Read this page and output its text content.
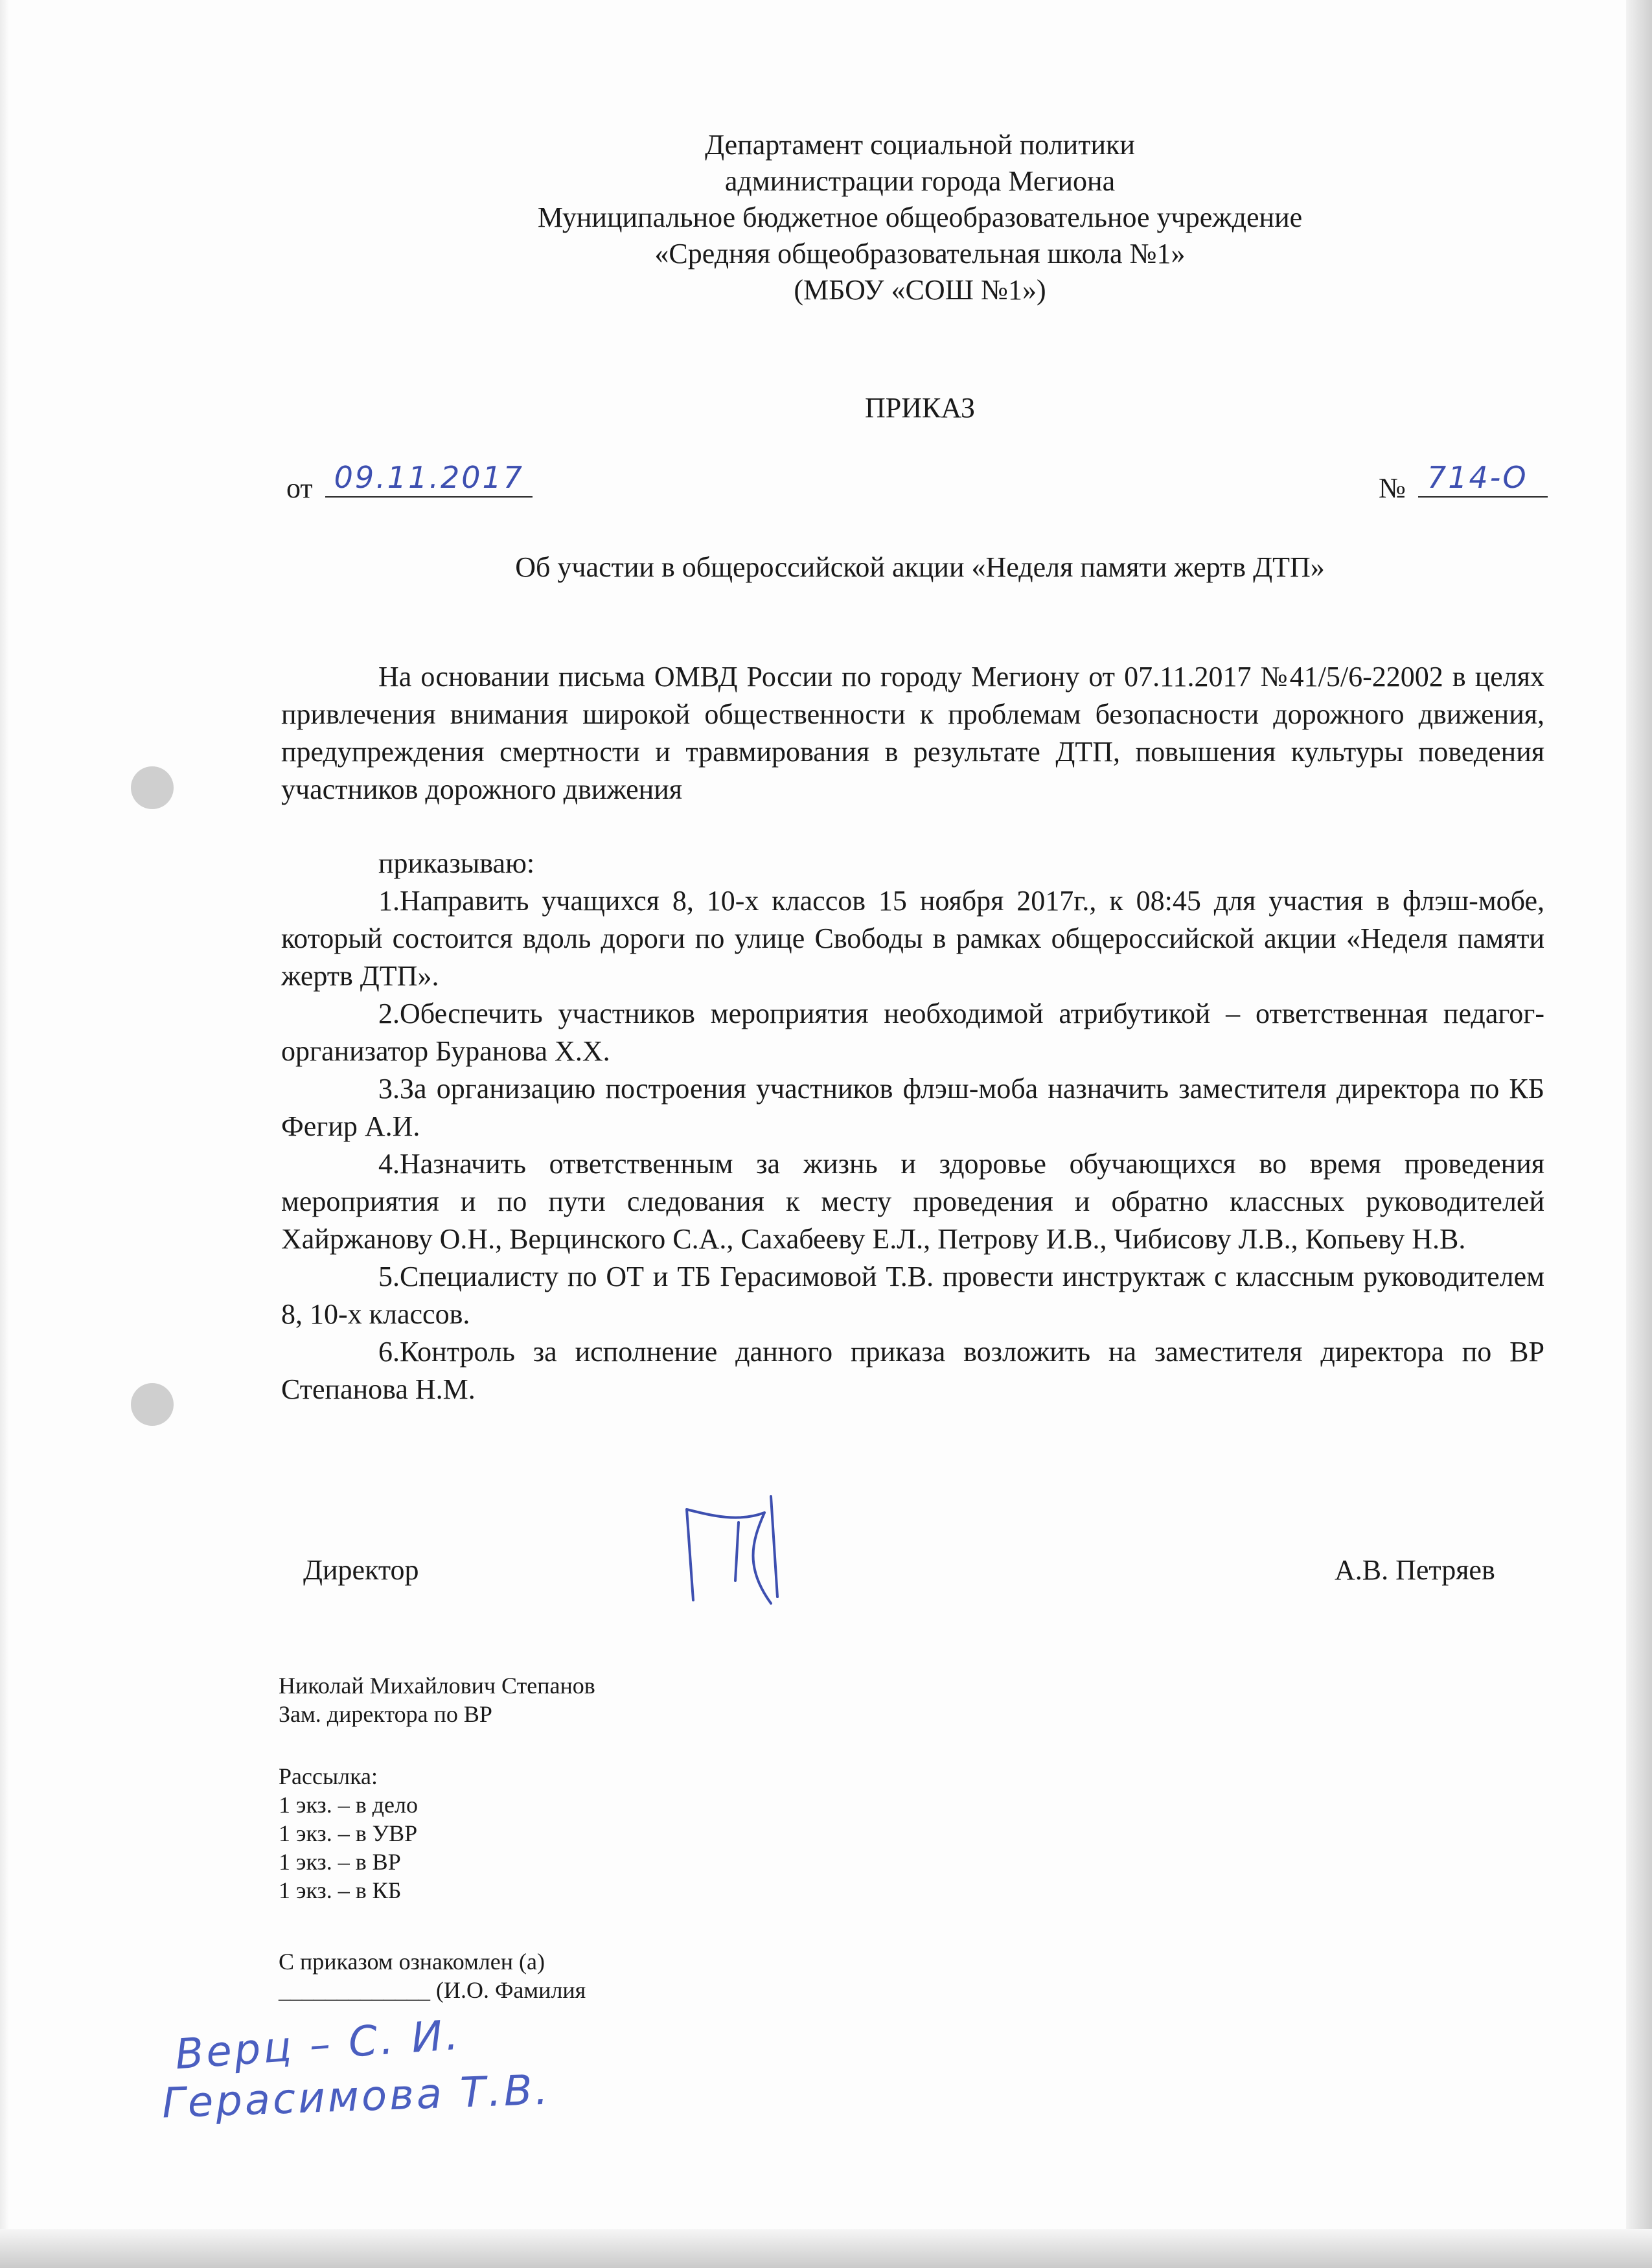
Департамент социальной политики
администрации города Мегиона
Муниципальное бюджетное общеобразовательное учреждение
«Средняя общеобразовательная школа №1»
(МБОУ «СОШ №1»)
ПРИКАЗ
от 09.11.2017	№ 714-О
Об участии в общероссийской акции «Неделя памяти жертв ДТП»

На основании письма ОМВД России по городу Мегиону от 07.11.2017 №41/5/6-22002 в целях привлечения внимания широкой общественности к проблемам безопасности дорожного движения, предупреждения смертности и травмирования в результате ДТП, повышения культуры поведения участников дорожного движения

приказываю:

1.Направить учащихся 8, 10-х классов 15 ноября 2017г., к 08:45 для участия в флэш-мобе, который состоится вдоль дороги по улице Свободы в рамках общероссийской акции «Неделя памяти жертв ДТП».

2.Обеспечить участников мероприятия необходимой атрибутикой – ответственная педагог-организатор Буранова Х.Х.

3.За организацию построения участников флэш-моба назначить заместителя директора по КБ Фегир А.И.

4.Назначить ответственным за жизнь и здоровье обучающихся во время проведения мероприятия и по пути следования к месту проведения и обратно классных руководителей Хайржанову О.Н., Верцинского С.А., Сахабееву Е.Л., Петрову И.В., Чибисову Л.В., Копьеву Н.В.

5.Специалисту по ОТ и ТБ Герасимовой Т.В. провести инструктаж с классным руководителем 8, 10-х классов.

6.Контроль за исполнение данного приказа возложить на заместителя директора по ВР Степанова Н.М.

Директор	А.В. Петряев
Николай Михайлович Степанов
Зам. директора по ВР
Рассылка:
1 экз. – в дело
1 экз. – в УВР
1 экз. – в ВР
1 экз. – в КБ
С приказом ознакомлен (а)
_____________ (И.О. Фамилия
Верц – С. И.
Герасимова Т.В.
